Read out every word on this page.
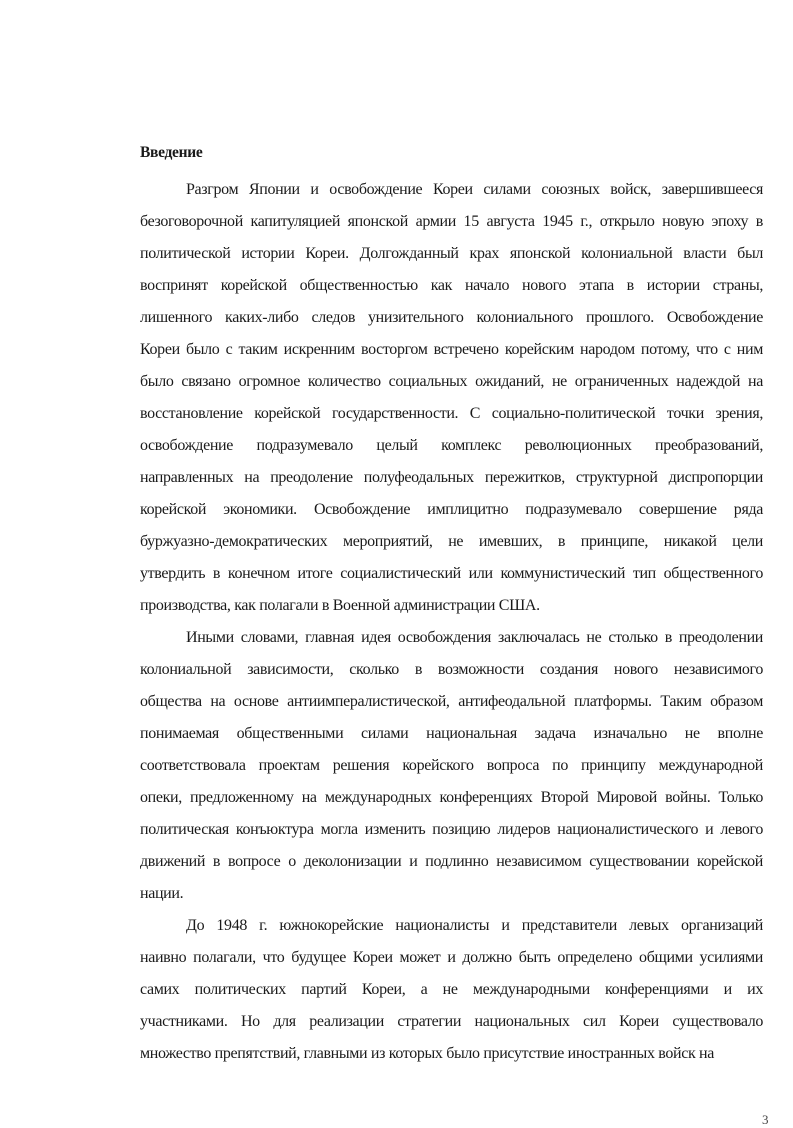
Введение
Разгром Японии и освобождение Кореи силами союзных войск, завершившееся
безоговорочной капитуляцией японской армии 15 августа 1945 г., открыло новую эпоху в
политической истории Кореи. Долгожданный крах японской колониальной власти был
воспринят корейской общественностью как начало нового этапа в истории страны,
лишенного каких-либо следов унизительного колониального прошлого. Освобождение
Кореи было с таким искренним восторгом встречено корейским народом потому, что с ним
было связано огромное количество социальных ожиданий, не ограниченных надеждой на
восстановление корейской государственности. С социально-политической точки зрения,
освобождение подразумевало целый комплекс революционных преобразований,
направленных на преодоление полуфеодальных пережитков, структурной диспропорции
корейской экономики. Освобождение имплицитно подразумевало совершение ряда
буржуазно-демократических мероприятий, не имевших, в принципе, никакой цели
утвердить в конечном итоге социалистический или коммунистический тип общественного
производства, как полагали в Военной администрации США.
Иными словами, главная идея освобождения заключалась не столько в преодолении
колониальной зависимости, сколько в возможности создания нового независимого
общества на основе антиимпералистической, антифеодальной платформы. Таким образом
понимаемая общественными силами национальная задача изначально не вполне
соответствовала проектам решения корейского вопроса по принципу международной
опеки, предложенному на международных конференциях Второй Мировой войны. Только
политическая конъюктура могла изменить позицию лидеров националистического и левого
движений в вопросе о деколонизации и подлинно независимом существовании корейской
нации.
До 1948 г. южнокорейские националисты и представители левых организаций
наивно полагали, что будущее Кореи может и должно быть определено общими усилиями
самих политических партий Кореи, а не международными конференциями и их
участниками. Но для реализации стратегии национальных сил Кореи существовало
множество препятствий, главными из которых было присутствие иностранных войск на
3
